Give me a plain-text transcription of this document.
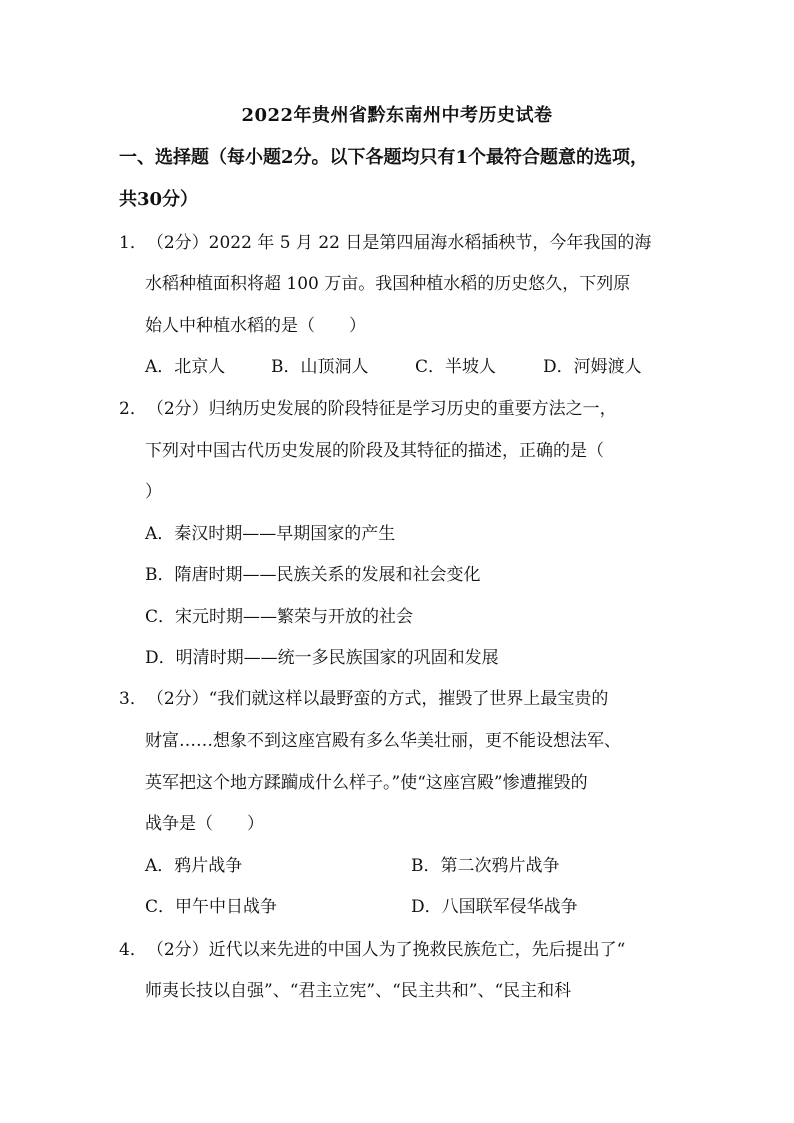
2022年贵州省黔东南州中考历史试卷
一、选择题（每小题2分。以下各题均只有1个最符合题意的选项，
共30分）
1．（2分）2022 年 5 月 22 日是第四届海水稻插秧节，今年我国的海
水稻种植面积将超 100 万亩。我国种植水稻的历史悠久，下列原
始人中种植水稻的是（　　）
A．北京人	B．山顶洞人	C．半坡人	D．河姆渡人
2．（2分）归纳历史发展的阶段特征是学习历史的重要方法之一，
下列对中国古代历史发展的阶段及其特征的描述，正确的是（
）
A．秦汉时期——早期国家的产生
B．隋唐时期——民族关系的发展和社会变化
C．宋元时期——繁荣与开放的社会
D．明清时期——统一多民族国家的巩固和发展
3．（2分）“我们就这样以最野蛮的方式，摧毁了世界上最宝贵的
财富……想象不到这座宫殿有多么华美壮丽，更不能设想法军、
英军把这个地方蹂躏成什么样子。”使“这座宫殿”惨遭摧毁的
战争是（　　）
A．鸦片战争	B．第二次鸦片战争
C．甲午中日战争	D．八国联军侵华战争
4．（2分）近代以来先进的中国人为了挽救民族危亡，先后提出了“
师夷长技以自强”、“君主立宪”、“民主共和”、“民主和科
